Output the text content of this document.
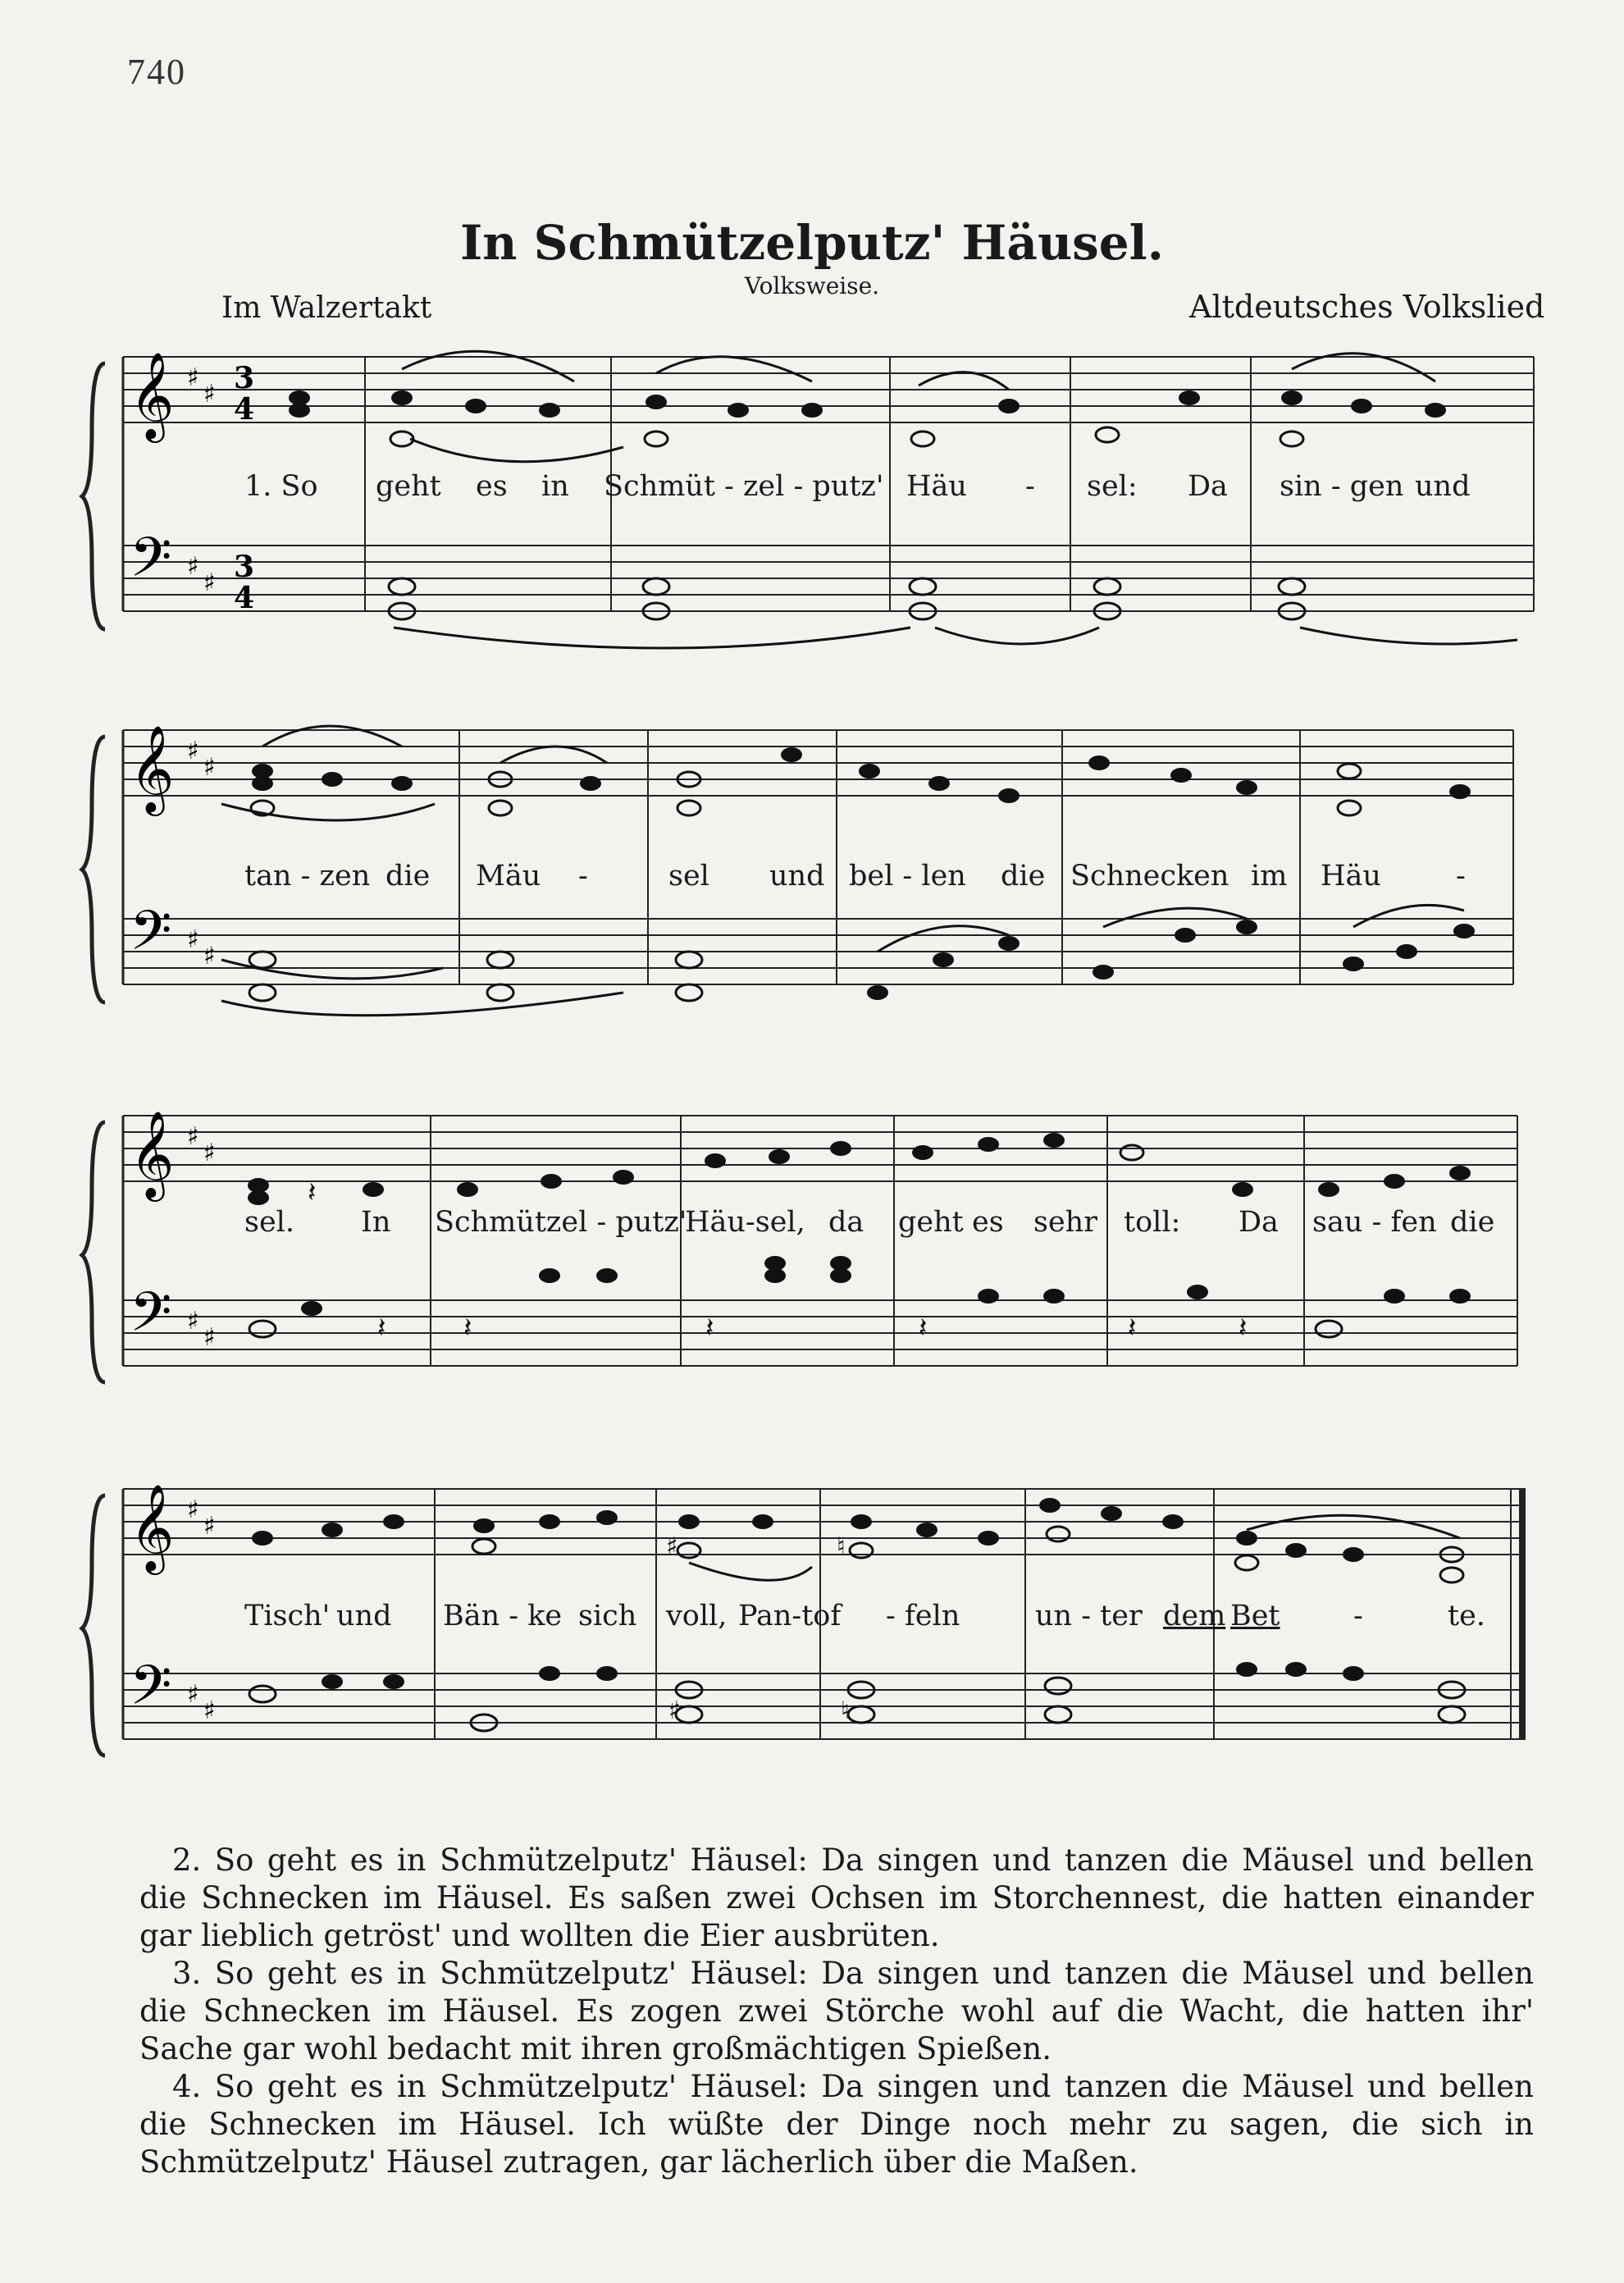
740
In Schmützelputz' Häusel.
Volksweise.
Im Walzertakt	Altdeutsches Volkslied
𝄞
𝄢
♯
♯
♯
♯
3
4
3
4
1. So geht es in Schmüt - zel - putz' Häu - sel: Da sin - gen und
𝄞
𝄢
♯
♯
♯
♯
tan - zen die Mäu -	sel und bel - len die Schnecken im Häu	-
𝄞
𝄢
♯
♯
♯
♯
𝄽
𝄽	𝄽	𝄽	𝄽	𝄽	𝄽
sel. In Schmützel - putz'
Häu-sel, da geht es sehr toll: Da sau - fen die
𝄞
𝄢
♯
♯
♯
♯
♯	♮
♯	♮
Tisch' und Bän - ke sich voll, Pan-tof - feln	un - ter dem Bet	-	te.

2. So geht es in Schmützelputz' Häusel: Da singen und tanzen die Mäusel und bellen die Schnecken im Häusel. Es saßen zwei Ochsen im Storchennest, die hatten einander gar lieblich getröst' und wollten die Eier ausbrüten.

3. So geht es in Schmützelputz' Häusel: Da singen und tanzen die Mäusel und bellen die Schnecken im Häusel. Es zogen zwei Störche wohl auf die Wacht, die hatten ihr' Sache gar wohl bedacht mit ihren großmächtigen Spießen.

4. So geht es in Schmützelputz' Häusel: Da singen und tanzen die Mäusel und bellen die Schnecken im Häusel. Ich wüßte der Dinge noch mehr zu sagen, die sich in Schmützelputz' Häusel zutragen, gar lächerlich über die Maßen.
